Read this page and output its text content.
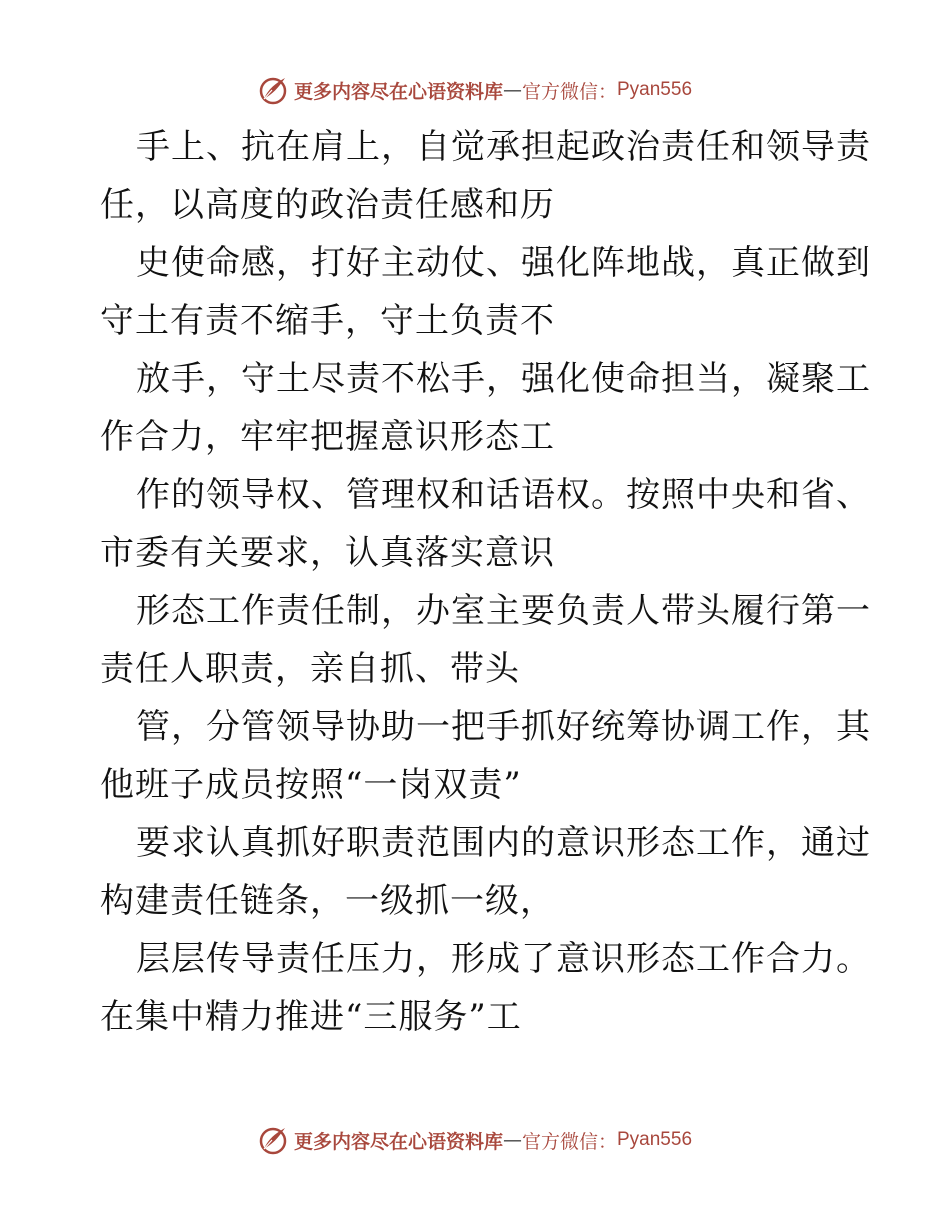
更多内容尽在心语资料库 — 官方微信： Pyan556
手上、抗在肩上，自觉承担起政治责任和领导责
任，以高度的政治责任感和历
史使命感，打好主动仗、强化阵地战，真正做到
守土有责不缩手，守土负责不
放手，守土尽责不松手，强化使命担当，凝聚工
作合力，牢牢把握意识形态工
作的领导权、管理权和话语权。按照中央和省、
市委有关要求，认真落实意识
形态工作责任制，办室主要负责人带头履行第一
责任人职责，亲自抓、带头
管，分管领导协助一把手抓好统筹协调工作，其
他班子成员按照“一岗双责”
要求认真抓好职责范围内的意识形态工作，通过
构建责任链条，一级抓一级，
层层传导责任压力，形成了意识形态工作合力。
在集中精力推进“三服务”工
更多内容尽在心语资料库 — 官方微信： Pyan556
